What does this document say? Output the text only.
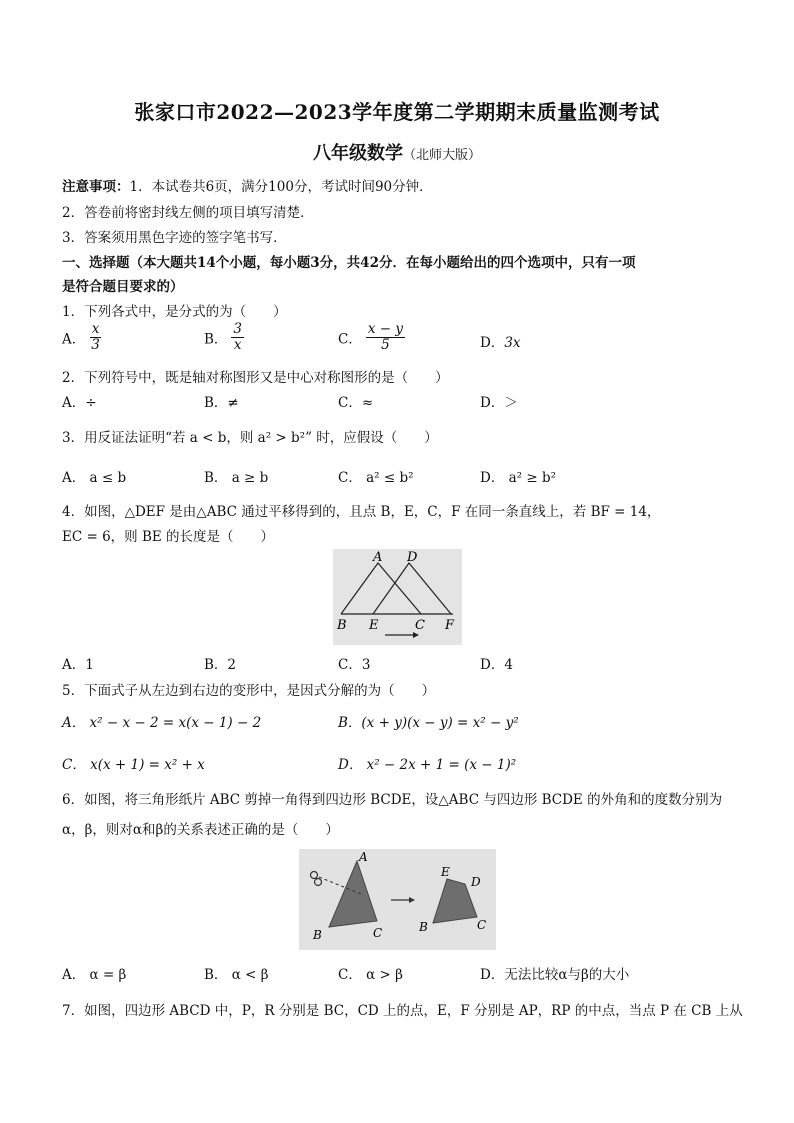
张家口市2022—2023学年度第二学期期末质量监测考试
八年级数学（北师大版）
注意事项：1．本试卷共6页，满分100分，考试时间90分钟．
2．答卷前将密封线左侧的项目填写清楚．
3．答案须用黑色字迹的签字笔书写．
一、选择题（本大题共14个小题，每小题3分，共42分．在每小题给出的四个选项中，只有一项
是符合题目要求的）
1．下列各式中，是分式的为（　　）
A． $\frac{x}{3}$	B． $\frac{3}{x}$	C． $\frac{x - y}{5}$	D．3x
2．下列符号中，既是轴对称图形又是中心对称图形的是（　　）
A．÷	B．≠	C．≈	D．＞
3．用反证法证明“若 a < b，则 a² > b²” 时，应假设（　　）
A． a ≤ b	B． a ≥ b	C． a² ≤ b²	D． a² ≥ b²
4．如图，△DEF 是由△ABC 通过平移得到的，且点 B，E，C，F 在同一条直线上，若 BF = 14，
EC = 6，则 BE 的长度是（　　）
A D
B E	C F
A．1	B．2	C．3	D．4
5．下面式子从左边到右边的变形中，是因式分解的为（　　）
A． x² − x − 2 = x(x − 1) − 2	B．(x + y)(x − y) = x² − y²
C． x(x + 1) = x² + x	D． x² − 2x + 1 = (x − 1)²
6．如图，将三角形纸片 ABC 剪掉一角得到四边形 BCDE，设△ABC 与四边形 BCDE 的外角和的度数分别为
α，β，则对α和β的关系表述正确的是（　　）
A
B	C
E
D
B	C
A． α = β	B． α < β	C． α > β	D．无法比较α与β的大小
7．如图，四边形 ABCD 中，P，R 分别是 BC，CD 上的点，E，F 分别是 AP，RP 的中点，当点 P 在 CB 上从
